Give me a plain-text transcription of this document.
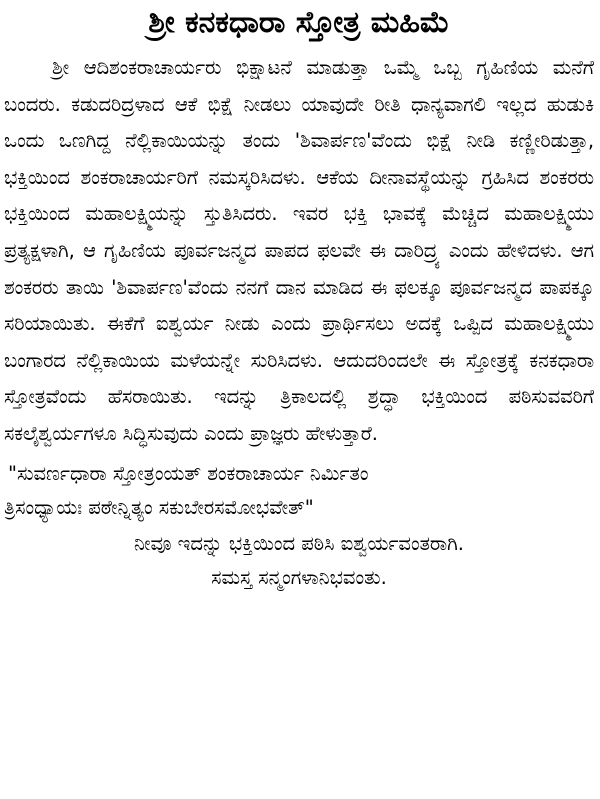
ಶ್ರೀ ಕನಕಧಾರಾ ಸ್ತೋತ್ರ ಮಹಿಮೆ

ಶ್ರೀ ಆದಿಶಂಕರಾಚಾರ್ಯರು ಭಿಕ್ಷಾಟನೆ ಮಾಡುತ್ತಾ ಒಮ್ಮೆ ಒಬ್ಬ ಗೃಹಿಣಿಯ ಮನೆಗೆ ಬಂದರು. ಕಡುದರಿದ್ರಳಾದ ಆಕೆ ಭಿಕ್ಷೆ ನೀಡಲು ಯಾವುದೇ ರೀತಿ ಧಾನ್ಯವಾಗಲಿ ಇಲ್ಲದ ಹುಡುಕಿ ಒಂದು ಒಣಗಿದ್ದ ನೆಲ್ಲಿಕಾಯಿಯನ್ನು ತಂದು 'ಶಿವಾರ್ಪಣ'ವೆಂದು ಭಿಕ್ಷೆ ನೀಡಿ ಕಣ್ಣೀರಿಡುತ್ತಾ, ಭಕ್ತಿಯಿಂದ ಶಂಕರಾಚಾರ್ಯರಿಗೆ ನಮಸ್ಕರಿಸಿದಳು. ಆಕೆಯ ದೀನಾವಸ್ಥೆಯನ್ನು ಗ್ರಹಿಸಿದ ಶಂಕರರು ಭಕ್ತಿಯಿಂದ ಮಹಾಲಕ್ಷ್ಮಿಯನ್ನು ಸ್ತುತಿಸಿದರು. ಇವರ ಭಕ್ತಿ ಭಾವಕ್ಕೆ ಮೆಚ್ಚಿದ ಮಹಾಲಕ್ಷ್ಮಿಯು ಪ್ರತ್ಯಕ್ಷಳಾಗಿ, ಆ ಗೃಹಿಣಿಯ ಪೂರ್ವಜನ್ಮದ ಪಾಪದ ಫಲವೇ ಈ ದಾರಿದ್ರ್ಯ ಎಂದು ಹೇಳಿದಳು. ಆಗ ಶಂಕರರು ತಾಯಿ 'ಶಿವಾರ್ಪಣ'ವೆಂದು ನನಗೆ ದಾನ ಮಾಡಿದ ಈ ಫಲಕ್ಕೂ ಪೂರ್ವಜನ್ಮದ ಪಾಪಕ್ಕೂ ಸರಿಯಾಯಿತು. ಈಕೆಗೆ ಐಶ್ವರ್ಯ ನೀಡು ಎಂದು ಪ್ರಾರ್ಥಿಸಲು ಅದಕ್ಕೆ ಒಪ್ಪಿದ ಮಹಾಲಕ್ಷ್ಮಿಯು ಬಂಗಾರದ ನೆಲ್ಲಿಕಾಯಿಯ ಮಳೆಯನ್ನೇ ಸುರಿಸಿದಳು. ಆದುದರಿಂದಲೇ ಈ ಸ್ತೋತ್ರಕ್ಕೆ ಕನಕಧಾರಾ ಸ್ತೋತ್ರವೆಂದು ಹೆಸರಾಯಿತು. ಇದನ್ನು ತ್ರಿಕಾಲದಲ್ಲಿ ಶ್ರದ್ಧಾ ಭಕ್ತಿಯಿಂದ ಪಠಿಸುವವರಿಗೆ ಸಕಲೈಶ್ವರ್ಯಗಳೂ ಸಿದ್ಧಿಸುವುದು ಎಂದು ಪ್ರಾಜ್ಞರು ಹೇಳುತ್ತಾರೆ.

"ಸುವರ್ಣಧಾರಾ ಸ್ತೋತ್ರಂಯತ್ ಶಂಕರಾಚಾರ್ಯ ನಿರ್ಮಿತಂ
ತ್ರಿಸಂಧ್ಯಾಯಃ ಪಠೇನ್ನಿತ್ಯಂ ಸಕುಬೇರಸಮೋಭವೇತ್"

ನೀವೂ ಇದನ್ನು ಭಕ್ತಿಯಿಂದ ಪಠಿಸಿ ಐಶ್ವರ್ಯವಂತರಾಗಿ.
ಸಮಸ್ತ ಸನ್ಮಂಗಳಾನಿಭವಂತು.
